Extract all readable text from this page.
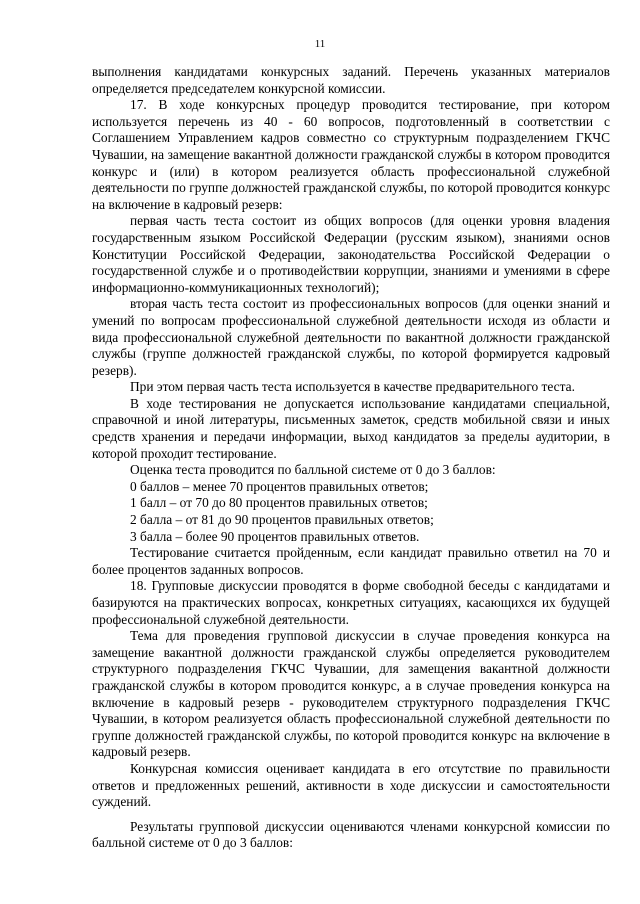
11

выполнения кандидатами конкурсных заданий. Перечень указанных материалов определяется председателем конкурсной комиссии.

17. В ходе конкурсных процедур проводится тестирование, при котором используется перечень из 40 - 60 вопросов, подготовленный в соответствии с Соглашением Управлением кадров совместно со структурным подразделением ГКЧС Чувашии, на замещение вакантной должности гражданской службы в котором проводится конкурс и (или) в котором реализуется область профессиональной служебной деятельности по группе должностей гражданской службы, по которой проводится конкурс на включение в кадровый резерв:

первая часть теста состоит из общих вопросов (для оценки уровня владения государственным языком Российской Федерации (русским языком), знаниями основ Конституции Российской Федерации, законодательства Российской Федерации о государственной службе и о противодействии коррупции, знаниями и умениями в сфере информационно-коммуникационных технологий);

вторая часть теста состоит из профессиональных вопросов (для оценки знаний и умений по вопросам профессиональной служебной деятельности исходя из области и вида профессиональной служебной деятельности по вакантной должности гражданской службы (группе должностей гражданской службы, по которой формируется кадровый резерв).

При этом первая часть теста используется в качестве предварительного теста.

В ходе тестирования не допускается использование кандидатами специальной, справочной и иной литературы, письменных заметок, средств мобильной связи и иных средств хранения и передачи информации, выход кандидатов за пределы аудитории, в которой проходит тестирование.

Оценка теста проводится по балльной системе от 0 до 3 баллов:

0 баллов – менее 70 процентов правильных ответов;

1 балл – от 70 до 80 процентов правильных ответов;

2 балла – от 81 до 90 процентов правильных ответов;

3 балла – более 90 процентов правильных ответов.

Тестирование считается пройденным, если кандидат правильно ответил на 70 и более процентов заданных вопросов.

18. Групповые дискуссии проводятся в форме свободной беседы с кандидатами и базируются на практических вопросах, конкретных ситуациях, касающихся их будущей профессиональной служебной деятельности.

Тема для проведения групповой дискуссии в случае проведения конкурса на замещение вакантной должности гражданской службы определяется руководителем структурного подразделения ГКЧС Чувашии, для замещения вакантной должности гражданской службы в котором проводится конкурс, а в случае проведения конкурса на включение в кадровый резерв - руководителем структурного подразделения ГКЧС Чувашии, в котором реализуется область профессиональной служебной деятельности по группе должностей гражданской службы, по которой проводится конкурс на включение в кадровый резерв.

Конкурсная комиссия оценивает кандидата в его отсутствие по правильности ответов и предложенных решений, активности в ходе дискуссии и самостоятельности суждений.

Результаты групповой дискуссии оцениваются членами конкурсной комиссии по балльной системе от 0 до 3 баллов:
